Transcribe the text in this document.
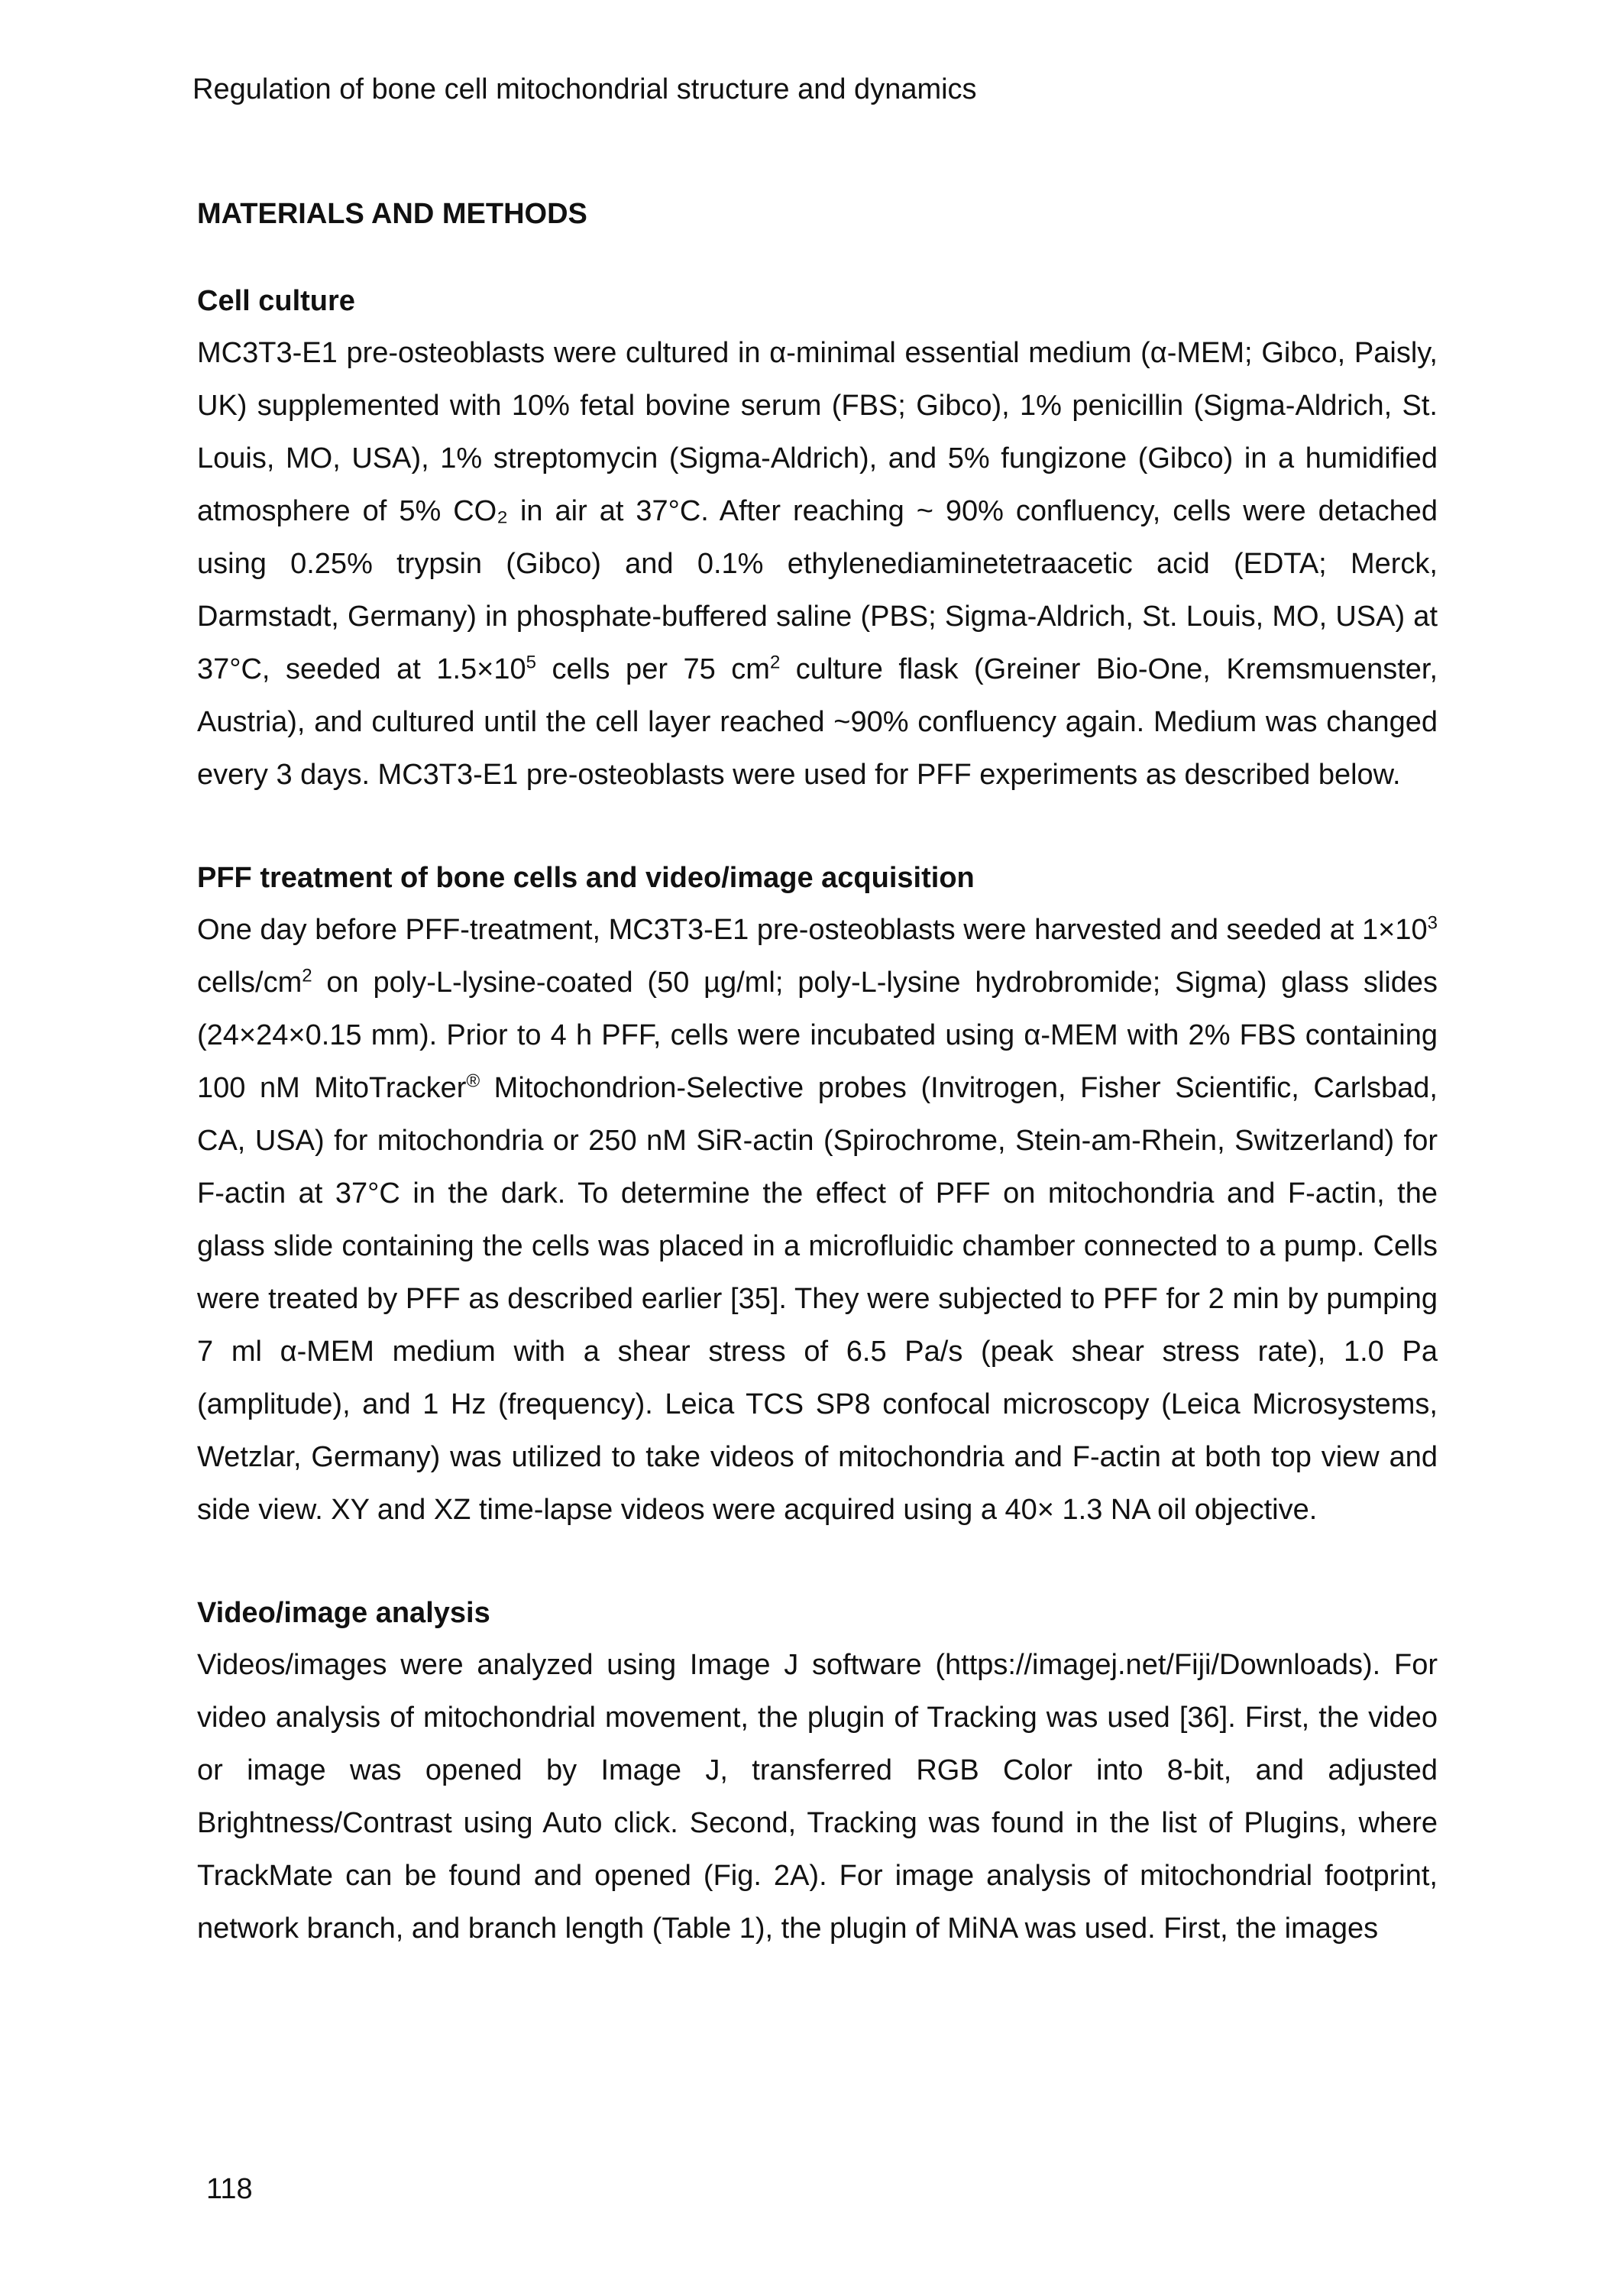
Regulation of bone cell mitochondrial structure and dynamics
MATERIALS AND METHODS
Cell culture

MC3T3-E1 pre-osteoblasts were cultured in α-minimal essential medium (α-MEM; Gibco, Paisly, UK) supplemented with 10% fetal bovine serum (FBS; Gibco), 1% penicillin (Sigma-Aldrich, St. Louis, MO, USA), 1% streptomycin (Sigma-Aldrich), and 5% fungizone (Gibco) in a humidified atmosphere of 5% CO₂ in air at 37°C. After reaching ~ 90% confluency, cells were detached using 0.25% trypsin (Gibco) and 0.1% ethylenediaminetetraacetic acid (EDTA; Merck, Darmstadt, Germany) in phosphate-buffered saline (PBS; Sigma-Aldrich, St. Louis, MO, USA) at 37°C, seeded at $1.5\times 10^5$ cells per 75 $cm^2$ culture flask (Greiner Bio-One, Kremsmuenster, Austria), and cultured until the cell layer reached ~90% confluency again. Medium was changed every 3 days. MC3T3-E1 pre-osteoblasts were used for PFF experiments as described below.

PFF treatment of bone cells and video/image acquisition

One day before PFF-treatment, MC3T3-E1 pre-osteoblasts were harvested and seeded at $1\times 10^3$ cells/$cm^2$ on poly-L-lysine-coated (50 µg/ml; poly-L-lysine hydrobromide; Sigma) glass slides (24×24×0.15 mm). Prior to 4 h PFF, cells were incubated using α-MEM with 2% FBS containing 100 nM MitoTracker® Mitochondrion-Selective probes (Invitrogen, Fisher Scientific, Carlsbad, CA, USA) for mitochondria or 250 nM SiR-actin (Spirochrome, Stein-am-Rhein, Switzerland) for F-actin at 37°C in the dark. To determine the effect of PFF on mitochondria and F-actin, the glass slide containing the cells was placed in a microfluidic chamber connected to a pump. Cells were treated by PFF as described earlier [35]. They were subjected to PFF for 2 min by pumping 7 ml α-MEM medium with a shear stress of 6.5 Pa/s (peak shear stress rate), 1.0 Pa (amplitude), and 1 Hz (frequency). Leica TCS SP8 confocal microscopy (Leica Microsystems, Wetzlar, Germany) was utilized to take videos of mitochondria and F-actin at both top view and side view. XY and XZ time-lapse videos were acquired using a 40× 1.3 NA oil objective.

Video/image analysis

Videos/images were analyzed using Image J software (https://imagej.net/Fiji/Downloads). For video analysis of mitochondrial movement, the plugin of Tracking was used [36]. First, the video or image was opened by Image J, transferred RGB Color into 8-bit, and adjusted Brightness/Contrast using Auto click. Second, Tracking was found in the list of Plugins, where TrackMate can be found and opened (Fig. 2A). For image analysis of mitochondrial footprint, network branch, and branch length (Table 1), the plugin of MiNA was used. First, the images

118
